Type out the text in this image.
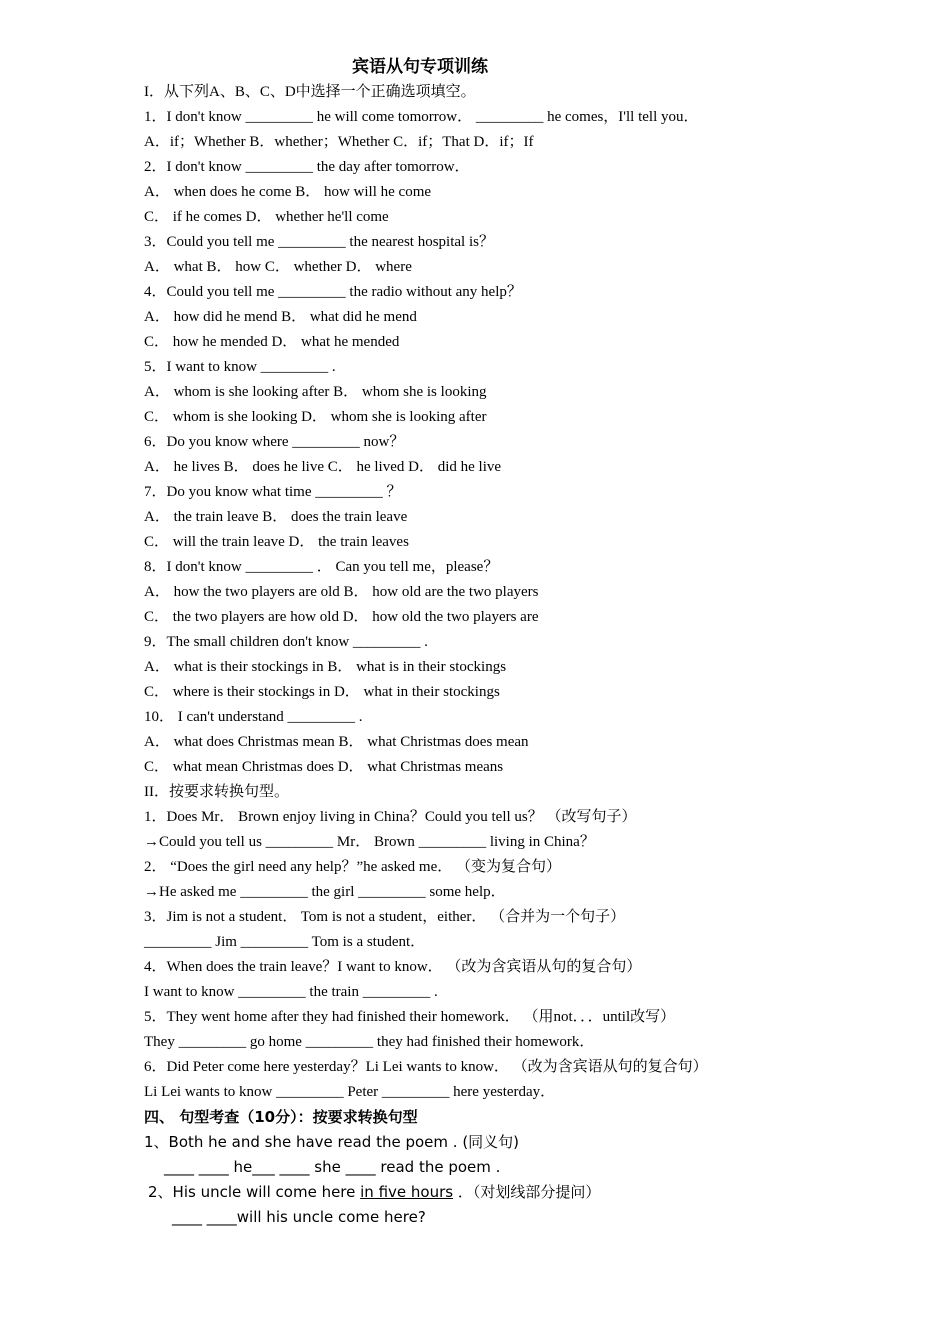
宾语从句专项训练
I．从下列A、B、C、D中选择一个正确选项填空。
1．I don't know _________ he will come tomorrow． _________ he comes，I'll tell you．
A．if；Whether B．whether；Whether C．if；That D．if；If
2．I don't know _________ the day after tomorrow．
A． when does he come B． how will he come
C． if he comes D． whether he'll come
3．Could you tell me _________ the nearest hospital is？
A． what B． how C． whether D． where
4．Could you tell me _________ the radio without any help？
A． how did he mend B． what did he mend
C． how he mended D． what he mended
5．I want to know _________ .
A． whom is she looking after B． whom she is looking
C． whom is she looking D． whom she is looking after
6．Do you know where _________ now？
A． he lives B． does he live C． he lived D． did he live
7．Do you know what time _________ ？
A． the train leave B． does the train leave
C． will the train leave D． the train leaves
8．I don't know _________ ． Can you tell me，please？
A． how the two players are old B． how old are the two players
C． the two players are how old D． how old the two players are
9．The small children don't know _________ .
A． what is their stockings in B． what is in their stockings
C． where is their stockings in D． what in their stockings
10． I can't understand _________ .
A． what does Christmas mean B． what Christmas does mean
C． what mean Christmas does D． what Christmas means
II．按要求转换句型。
1．Does Mr． Brown enjoy living in China？Could you tell us？ （改写句子）
→Could you tell us _________ Mr． Brown _________ living in China？
2． “Does the girl need any help？”he asked me． （变为复合句）
→He asked me _________ the girl _________ some help．
3．Jim is not a student． Tom is not a student，either． （合并为一个句子）
_________ Jim _________ Tom is a student．
4．When does the train leave？I want to know． （改为含宾语从句的复合句）
I want to know _________ the train _________ .
5．They went home after they had finished their homework． （用not．．．until改写）
They _________ go home _________ they had finished their homework．
6．Did Peter come here yesterday？Li Lei wants to know． （改为含宾语从句的复合句）
Li Lei wants to know _________ Peter _________ here yesterday．
四、 句型考查（10分）：按要求转换句型
1、Both he and she have read the poem . (同义句)
____ ____ he___ ____ she ____ read the poem .
2、His uncle will come here in five hours ．（对划线部分提问）
____ ____will his uncle come here?
